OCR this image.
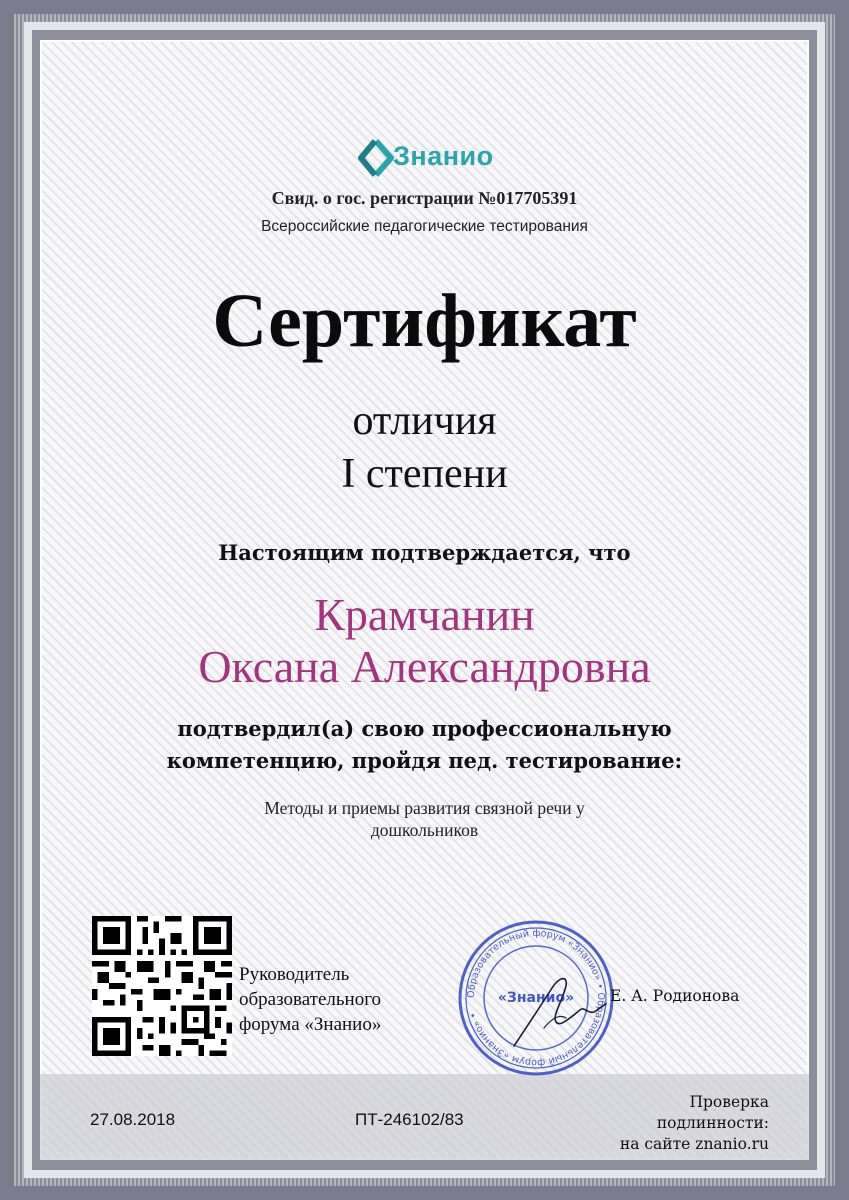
Знанио
Свид. о гос. регистрации №017705391
Всероссийские педагогические тестирования
Сертификат
отличия
I степени
Настоящим подтверждается, что
Крамчанин
Оксана Александровна
подтвердил(а) свою профессиональную
компетенцию, пройдя пед. тестирование:
Методы и приемы развития связной речи у
дошкольников
Руководитель
образовательного
форума «Знанио»
Образовательный форум «Знанио» • Образовательный форум «Знанио» •
«Знанио» Е. А. Родионова
27.08.2018	ПТ-246102/83
Проверка
подлинности:
на сайте znanio.ru
